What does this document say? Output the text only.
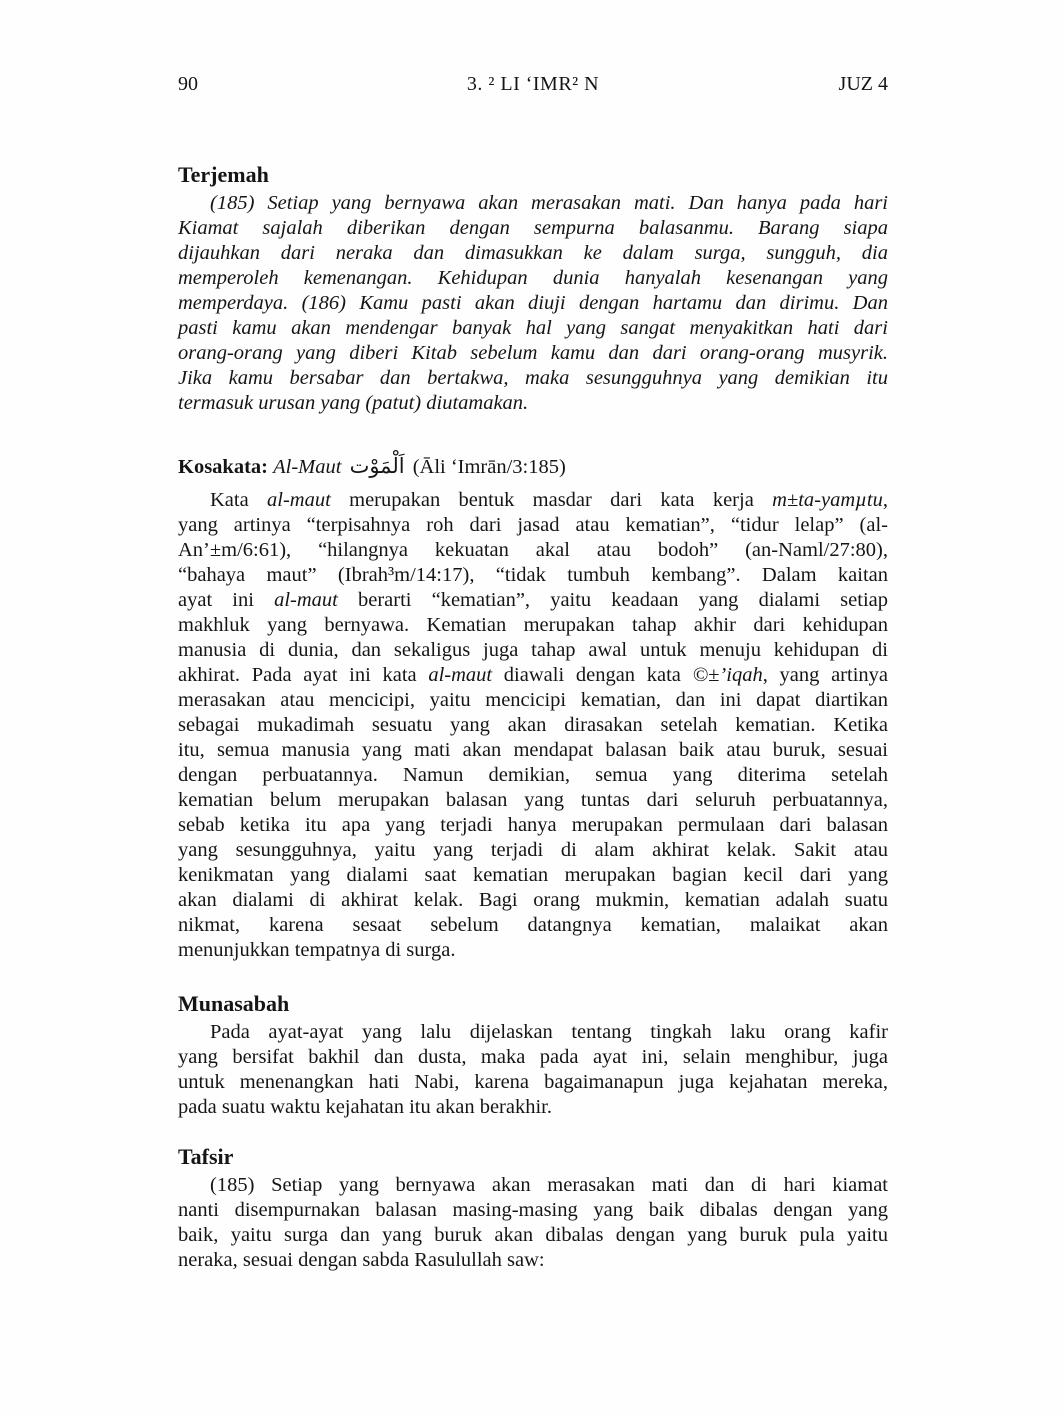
90	3. ² LI ‘IMR² N	JUZ 4
Terjemah
(185) Setiap yang bernyawa akan merasakan mati. Dan hanya pada hari
Kiamat sajalah diberikan dengan sempurna balasanmu. Barang siapa
dijauhkan dari neraka dan dimasukkan ke dalam surga, sungguh, dia
memperoleh kemenangan. Kehidupan dunia hanyalah kesenangan yang
memperdaya. (186) Kamu pasti akan diuji dengan hartamu dan dirimu. Dan
pasti kamu akan mendengar banyak hal yang sangat menyakitkan hati dari
orang-orang yang diberi Kitab sebelum kamu dan dari orang-orang musyrik.
Jika kamu bersabar dan bertakwa, maka sesungguhnya yang demikian itu
termasuk urusan yang (patut) diutamakan.
Kosakata: Al-Maut اَلْمَوْت (Āli ‘Imrān/3:185)
Kata al-maut merupakan bentuk masdar dari kata kerja m±ta-yamµtu,
yang artinya “terpisahnya roh dari jasad atau kematian”, “tidur lelap” (al-
An’±m/6:61), “hilangnya kekuatan akal atau bodoh” (an-Naml/27:80),
“bahaya maut” (Ibrah³m/14:17), “tidak tumbuh kembang”. Dalam kaitan
ayat ini al-maut berarti “kematian”, yaitu keadaan yang dialami setiap
makhluk yang bernyawa. Kematian merupakan tahap akhir dari kehidupan
manusia di dunia, dan sekaligus juga tahap awal untuk menuju kehidupan di
akhirat. Pada ayat ini kata al-maut diawali dengan kata ©±’iqah, yang artinya
merasakan atau mencicipi, yaitu mencicipi kematian, dan ini dapat diartikan
sebagai mukadimah sesuatu yang akan dirasakan setelah kematian. Ketika
itu, semua manusia yang mati akan mendapat balasan baik atau buruk, sesuai
dengan perbuatannya. Namun demikian, semua yang diterima setelah
kematian belum merupakan balasan yang tuntas dari seluruh perbuatannya,
sebab ketika itu apa yang terjadi hanya merupakan permulaan dari balasan
yang sesungguhnya, yaitu yang terjadi di alam akhirat kelak. Sakit atau
kenikmatan yang dialami saat kematian merupakan bagian kecil dari yang
akan dialami di akhirat kelak. Bagi orang mukmin, kematian adalah suatu
nikmat, karena sesaat sebelum datangnya kematian, malaikat akan
menunjukkan tempatnya di surga.
Munasabah
Pada ayat-ayat yang lalu dijelaskan tentang tingkah laku orang kafir
yang bersifat bakhil dan dusta, maka pada ayat ini, selain menghibur, juga
untuk menenangkan hati Nabi, karena bagaimanapun juga kejahatan mereka,
pada suatu waktu kejahatan itu akan berakhir.
Tafsir
(185) Setiap yang bernyawa akan merasakan mati dan di hari kiamat
nanti disempurnakan balasan masing-masing yang baik dibalas dengan yang
baik, yaitu surga dan yang buruk akan dibalas dengan yang buruk pula yaitu
neraka, sesuai dengan sabda Rasulullah saw:
